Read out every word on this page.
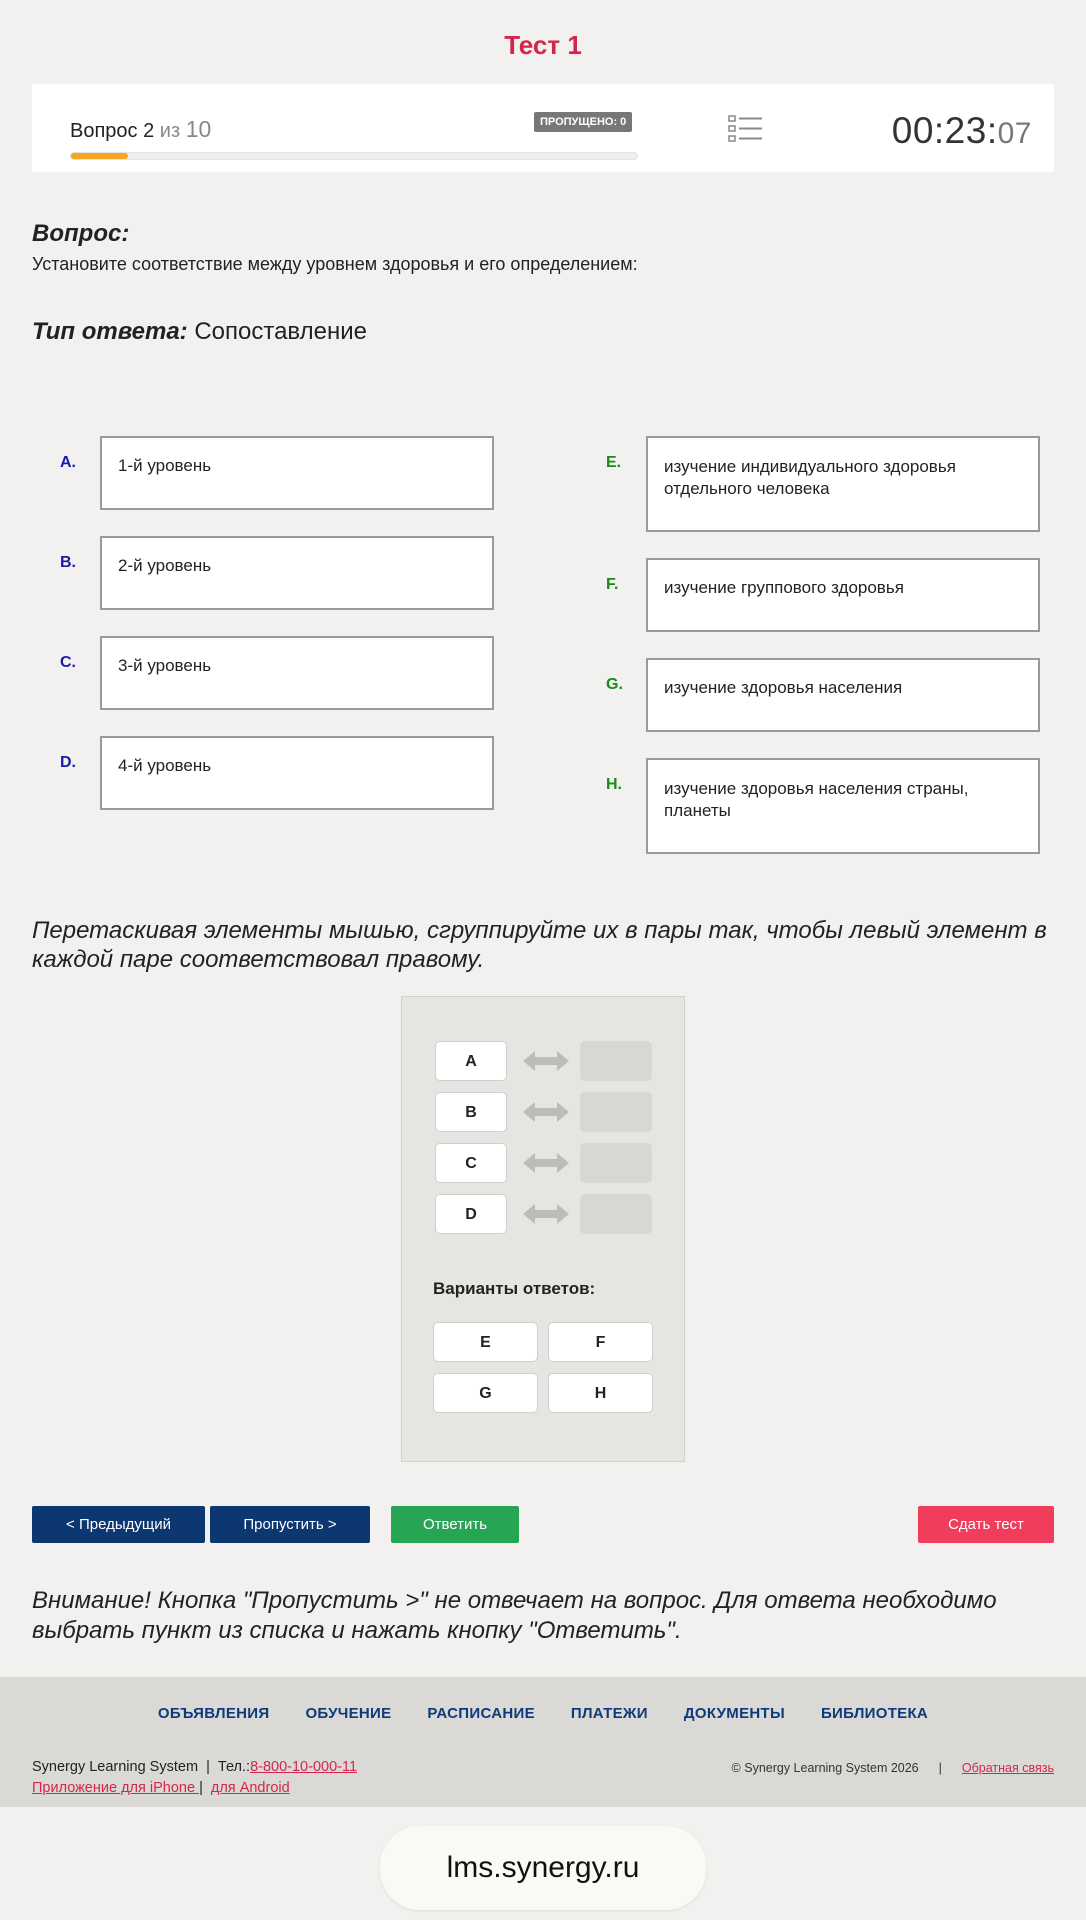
Тест 1
Вопрос 2 из 10	ПРОПУЩЕНО: 0	00:23:07
Вопрос:
Установите соответствие между уровнем здоровья и его определением:
Тип ответа: Сопоставление
A.	1-й уровень
B.	2-й уровень
C.	3-й уровень
D.	4-й уровень
E.	изучение индивидуального здоровья отдельного человека
F.	изучение группового здоровья
G.	изучение здоровья населения
H.	изучение здоровья населения страны, планеты
Перетаскивая элементы мышью, сгруппируйте их в пары так, чтобы левый элемент в каждой паре соответствовал правому.
A
B
C
D
Варианты ответов:
E	F
G	H
< Предыдущий	Пропустить >	Ответить	Сдать тест
Внимание! Кнопка "Пропустить >" не отвечает на вопрос. Для ответа необходимо выбрать пункт из списка и нажать кнопку "Ответить".
ОБЪЯВЛЕНИЯ ОБУЧЕНИЕ РАСПИСАНИЕ ПЛАТЕЖИ ДОКУМЕНТЫ БИБЛИОТЕКА
Synergy Learning System  |  Тел.:8-800-10-000-11
Приложение для iPhone |  для Android
© Synergy Learning System 2026 | Обратная связь
lms.synergy.ru
